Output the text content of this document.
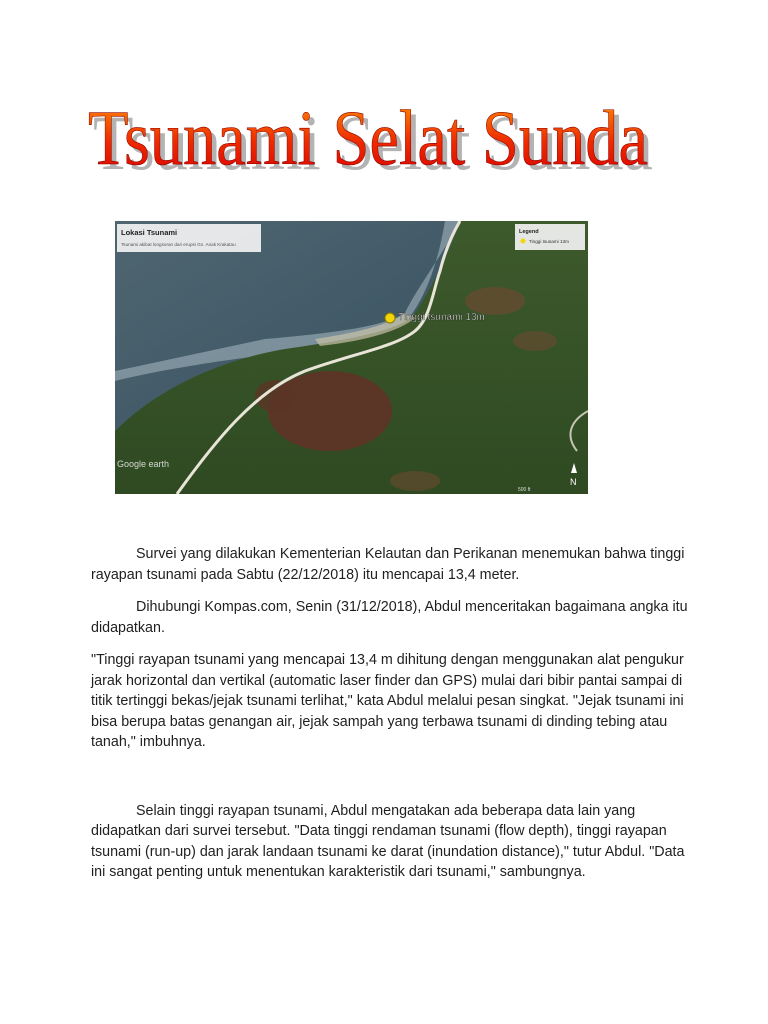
Tsunami Selat Sunda
Tsunami Selat Sunda
Lokasi Tsunami
Tsunami akibat longsoran dari erupsi Gn. Anak Krakatau
Legend
Tinggi tsunami 13m
Tinggi tsunami 13m
Google earth
N
500 ft

Survei yang dilakukan Kementerian Kelautan dan Perikanan menemukan bahwa tinggi rayapan tsunami pada Sabtu (22/12/2018) itu mencapai 13,4 meter.

Dihubungi Kompas.com, Senin (31/12/2018), Abdul menceritakan bagaimana angka itu didapatkan.

"Tinggi rayapan tsunami yang mencapai 13,4 m dihitung dengan menggunakan alat pengukur jarak horizontal dan vertikal (automatic laser finder dan GPS) mulai dari bibir pantai sampai di titik tertinggi bekas/jejak tsunami terlihat," kata Abdul melalui pesan singkat. "Jejak tsunami ini bisa berupa batas genangan air, jejak sampah yang terbawa tsunami di dinding tebing atau tanah," imbuhnya.

Selain tinggi rayapan tsunami, Abdul mengatakan ada beberapa data lain yang didapatkan dari survei tersebut. "Data tinggi rendaman tsunami (flow depth), tinggi rayapan tsunami (run-up) dan jarak landaan tsunami ke darat (inundation distance)," tutur Abdul. "Data ini sangat penting untuk menentukan karakteristik dari tsunami," sambungnya.
